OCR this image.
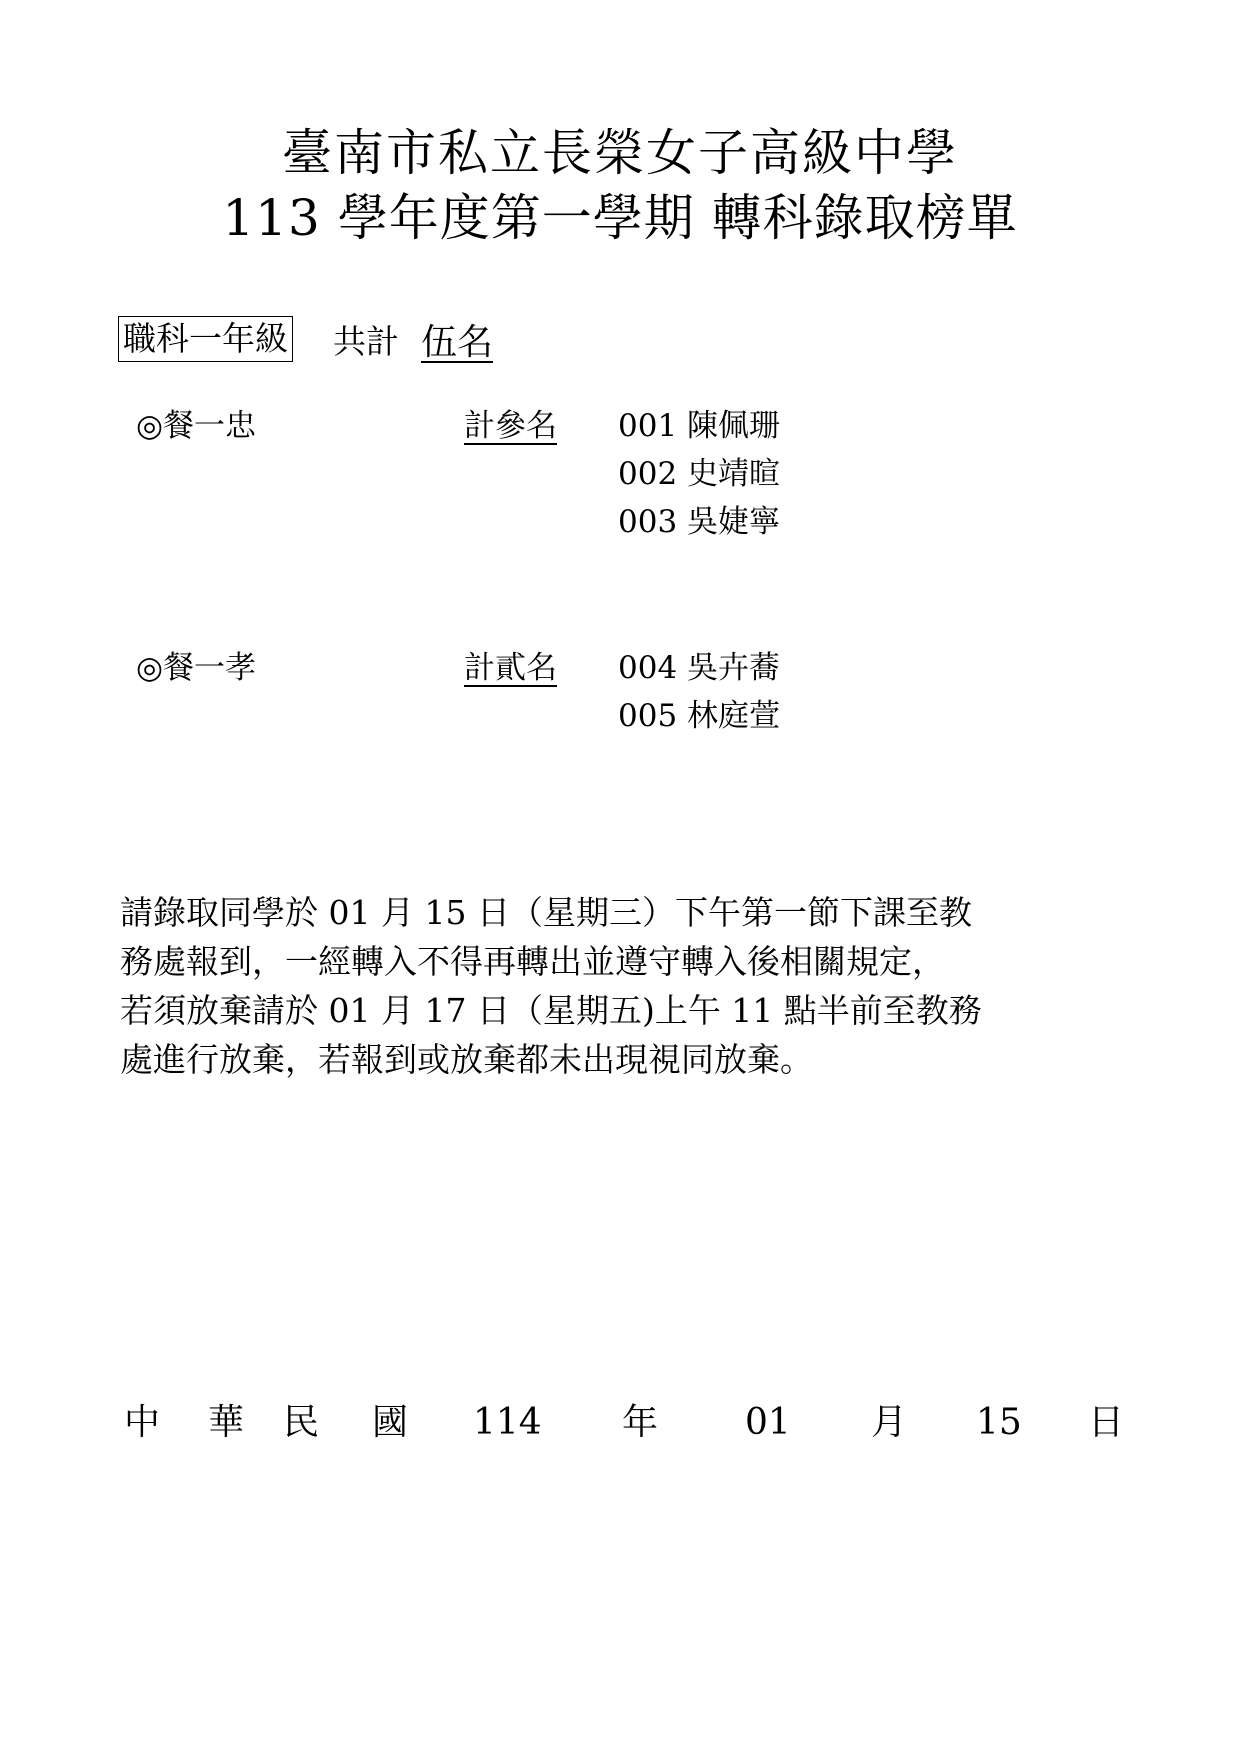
臺南市私立長榮女子高級中學
113 學年度第一學期 轉科錄取榜單
職科一年級 共計 伍名
◎餐一忠	計參名 001 陳佩珊
002 史靖暄
003 吳婕寧
◎餐一孝	計貳名 004 吳卉蕎
005 林庭萱
請錄取同學於 01 月 15 日（星期三）下午第一節下課至教
務處報到，一經轉入不得再轉出並遵守轉入後相關規定，
若須放棄請於 01 月 17 日（星期五)上午 11 點半前至教務
處進行放棄，若報到或放棄都未出現視同放棄。
中 華 民 國 114 年 01 月 15 日
